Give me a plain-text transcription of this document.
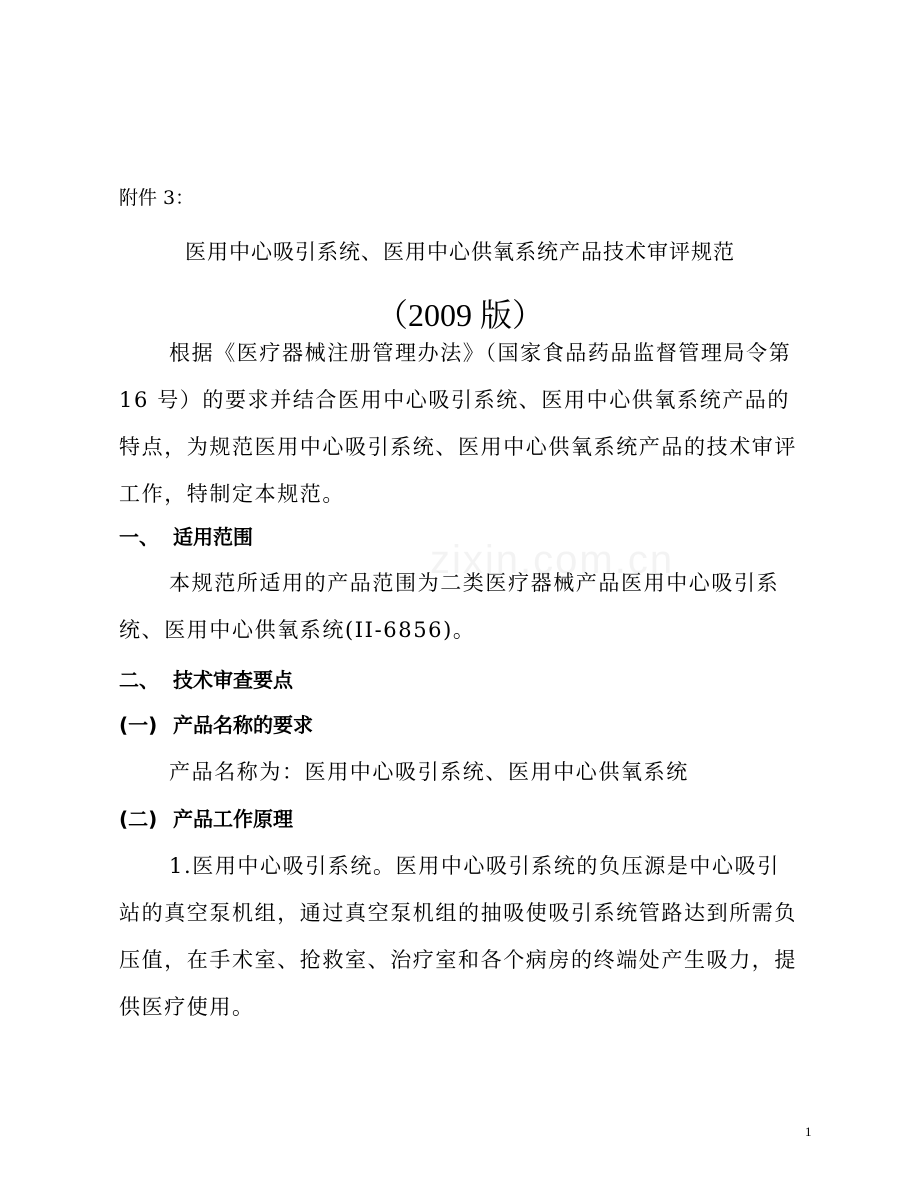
zixin.com.cn
附件 3：
医用中心吸引系统、医用中心供氧系统产品技术审评规范
（2009 版）
根据《医疗器械注册管理办法》（国家食品药品监督管理局令第 16 号）的要求并结合医用中心吸引系统、医用中心供氧系统产品的特点，为规范医用中心吸引系统、医用中心供氧系统产品的技术审评工作，特制定本规范。
一、 适用范围
本规范所适用的产品范围为二类医疗器械产品医用中心吸引系统、医用中心供氧系统(II-6856)。
二、 技术审查要点
(一) 产品名称的要求
产品名称为：医用中心吸引系统、医用中心供氧系统
(二) 产品工作原理
1.医用中心吸引系统。医用中心吸引系统的负压源是中心吸引站的真空泵机组，通过真空泵机组的抽吸使吸引系统管路达到所需负压值，在手术室、抢救室、治疗室和各个病房的终端处产生吸力，提供医疗使用。
1
